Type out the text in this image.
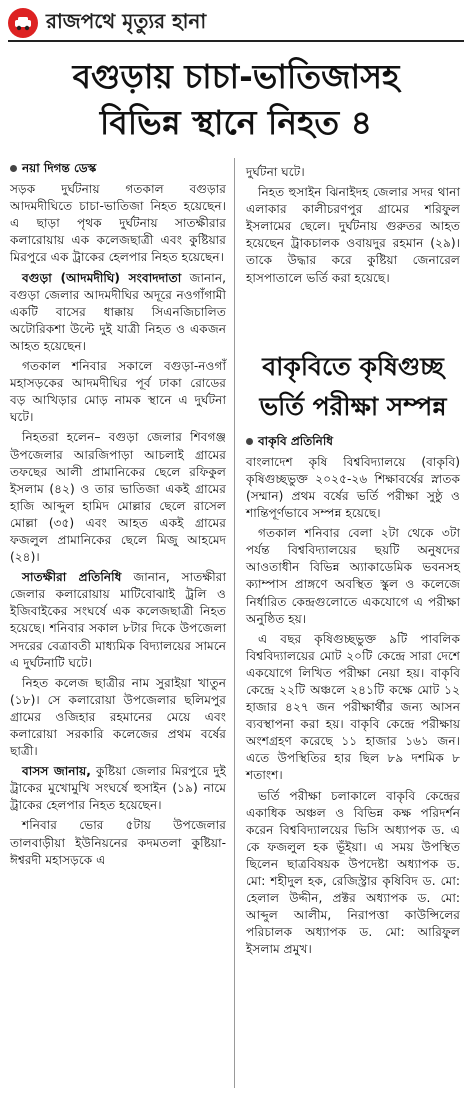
রাজপথে মৃত্যুর হানা
বগুড়ায় চাচা-ভাতিজাসহ
বিভিন্ন স্থানে নিহত ৪
নয়া দিগন্ত ডেস্ক

সড়ক দুর্ঘটনায় গতকাল বগুড়ার আদমদীঘিতে চাচা-ভাতিজা নিহত হয়েছেন। এ ছাড়া পৃথক দুর্ঘটনায় সাতক্ষীরার কলারোয়ায় এক কলেজছাত্রী এবং কুষ্টিয়ার মিরপুরে এক ট্রাকের হেলপার নিহত হয়েছেন।

বগুড়া (আদমদীঘি) সংবাদদাতা জানান, বগুড়া জেলার আদমদীঘির অদূরে নওগাঁগামী একটি বাসের ধাক্কায় সিএনজিচালিত অটোরিকশা উল্টে দুই যাত্রী নিহত ও একজন আহত হয়েছেন।

গতকাল শনিবার সকালে বগুড়া-নওগাঁ মহাসড়কের আদমদীঘির পূর্ব ঢাকা রোডের বড় আখিড়ার মোড় নামক স্থানে এ দুর্ঘটনা ঘটে।

নিহতরা হলেন– বগুড়া জেলার শিবগঞ্জ উপজেলার আরজিপাড়া আচলাই গ্রামের তফছের আলী প্রামানিকের ছেলে রফিকুল ইসলাম (৪২) ও তার ভাতিজা একই গ্রামের হাজি আব্দুল হামিদ মোল্লার ছেলে রাসেল মোল্লা (৩৫) এবং আহত একই গ্রামের ফজলুল প্রামানিকের ছেলে মিজু আহমেদ (২৪)।

সাতক্ষীরা প্রতিনিধি জানান, সাতক্ষীরা জেলার কলারোয়ায় মাটিবোঝাই ট্রলি ও ইজিবাইকের সংঘর্ষে এক কলেজছাত্রী নিহত হয়েছে। শনিবার সকাল ৮টার দিকে উপজেলা সদরের বেত্রাবতী মাধ্যমিক বিদ্যালয়ের সামনে এ দুর্ঘটনাটি ঘটে।

নিহত কলেজ ছাত্রীর নাম সুরাইয়া খাতুন (১৮)। সে কলারোয়া উপজেলার ছলিমপুর গ্রামের ওজিহার রহমানের মেয়ে এবং কলারোয়া সরকারি কলেজের প্রথম বর্ষের ছাত্রী।

বাসস জানায়, কুষ্টিয়া জেলার মিরপুরে দুই ট্রাকের মুখোমুখি সংঘর্ষে হুসাইন (১৯) নামে ট্রাকের হেলপার নিহত হয়েছেন।

শনিবার ভোর ৫টায় উপজেলার তালবাড়ীয়া ইউনিয়নের কদমতলা কুষ্টিয়া-ঈশ্বরদী মহাসড়কে এ

দুর্ঘটনা ঘটে।

নিহত হুসাইন ঝিনাইদহ জেলার সদর থানা এলাকার কালীচরণপুর গ্রামের শরিফুল ইসলামের ছেলে। দুর্ঘটনায় গুরুতর আহত হয়েছেন ট্রাকচালক ওবায়দুর রহমান (২৯)। তাকে উদ্ধার করে কুষ্টিয়া জেনারেল হাসপাতালে ভর্তি করা হয়েছে।

বাকৃবিতে কৃষিগুচ্ছ ভর্তি পরীক্ষা সম্পন্ন
বাকৃবি প্রতিনিধি

বাংলাদেশ কৃষি বিশ্ববিদ্যালয়ে (বাকৃবি) কৃষিগুচ্ছভুক্ত ২০২৫-২৬ শিক্ষাবর্ষের স্নাতক (সম্মান) প্রথম বর্ষের ভর্তি পরীক্ষা সুষ্ঠু ও শান্তিপূর্ণভাবে সম্পন্ন হয়েছে।

গতকাল শনিবার বেলা ২টা থেকে ৩টা পর্যন্ত বিশ্ববিদ্যালয়ের ছয়টি অনুষদের আওতাধীন বিভিন্ন অ্যাকাডেমিক ভবনসহ ক্যাম্পাস প্রাঙ্গণে অবস্থিত স্কুল ও কলেজে নির্ধারিত কেন্দ্রগুলোতে একযোগে এ পরীক্ষা অনুষ্ঠিত হয়।

এ বছর কৃষিগুচ্ছভুক্ত ৯টি পাবলিক বিশ্ববিদ্যালয়ের মোট ২০টি কেন্দ্রে সারা দেশে একযোগে লিখিত পরীক্ষা নেয়া হয়। বাকৃবি কেন্দ্রে ২২টি অঞ্চলে ২৪১টি কক্ষে মোট ১২ হাজার ৪২৭ জন পরীক্ষার্থীর জন্য আসন ব্যবস্থাপনা করা হয়। বাকৃবি কেন্দ্রে পরীক্ষায় অংশগ্রহণ করেছে ১১ হাজার ১৬১ জন। এতে উপস্থিতির হার ছিল ৮৯ দশমিক ৮ শতাংশ।

ভর্তি পরীক্ষা চলাকালে বাকৃবি কেন্দ্রের একাধিক অঞ্চল ও বিভিন্ন কক্ষ পরিদর্শন করেন বিশ্ববিদ্যালয়ের ভিসি অধ্যাপক ড. এ কে ফজলুল হক ভূঁইয়া। এ সময় উপস্থিত ছিলেন ছাত্রবিষয়ক উপদেষ্টা অধ্যাপক ড. মো: শহীদুল হক, রেজিস্ট্রার কৃষিবিদ ড. মো: হেলাল উদ্দীন, প্রক্টর অধ্যাপক ড. মো: আব্দুল আলীম, নিরাপত্তা কাউন্সিলের পরিচালক অধ্যাপক ড. মো: আরিফুল ইসলাম প্রমুখ।
